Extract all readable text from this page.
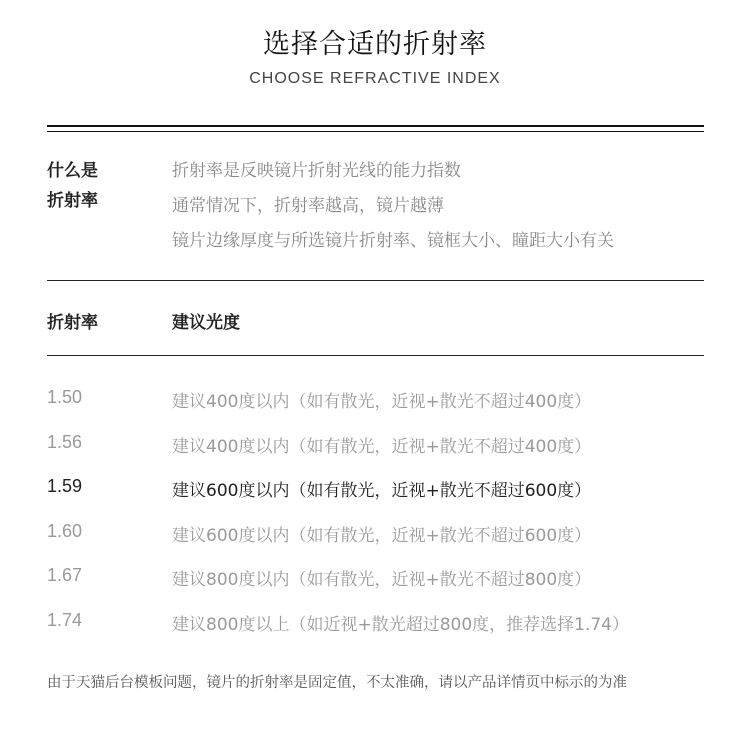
选择合适的折射率
CHOOSE REFRACTIVE INDEX
什么是
折射率
折射率是反映镜片折射光线的能力指数
通常情况下，折射率越高，镜片越薄
镜片边缘厚度与所选镜片折射率、镜框大小、瞳距大小有关
折射率	建议光度
1.50	建议400度以内（如有散光，近视+散光不超过400度）
1.56	建议400度以内（如有散光，近视+散光不超过400度）
1.59	建议600度以内（如有散光，近视+散光不超过600度）
1.60	建议600度以内（如有散光，近视+散光不超过600度）
1.67	建议800度以内（如有散光，近视+散光不超过800度）
1.74	建议800度以上（如近视+散光超过800度，推荐选择1.74）
由于天猫后台模板问题，镜片的折射率是固定值，不太准确，请以产品详情页中标示的为准
